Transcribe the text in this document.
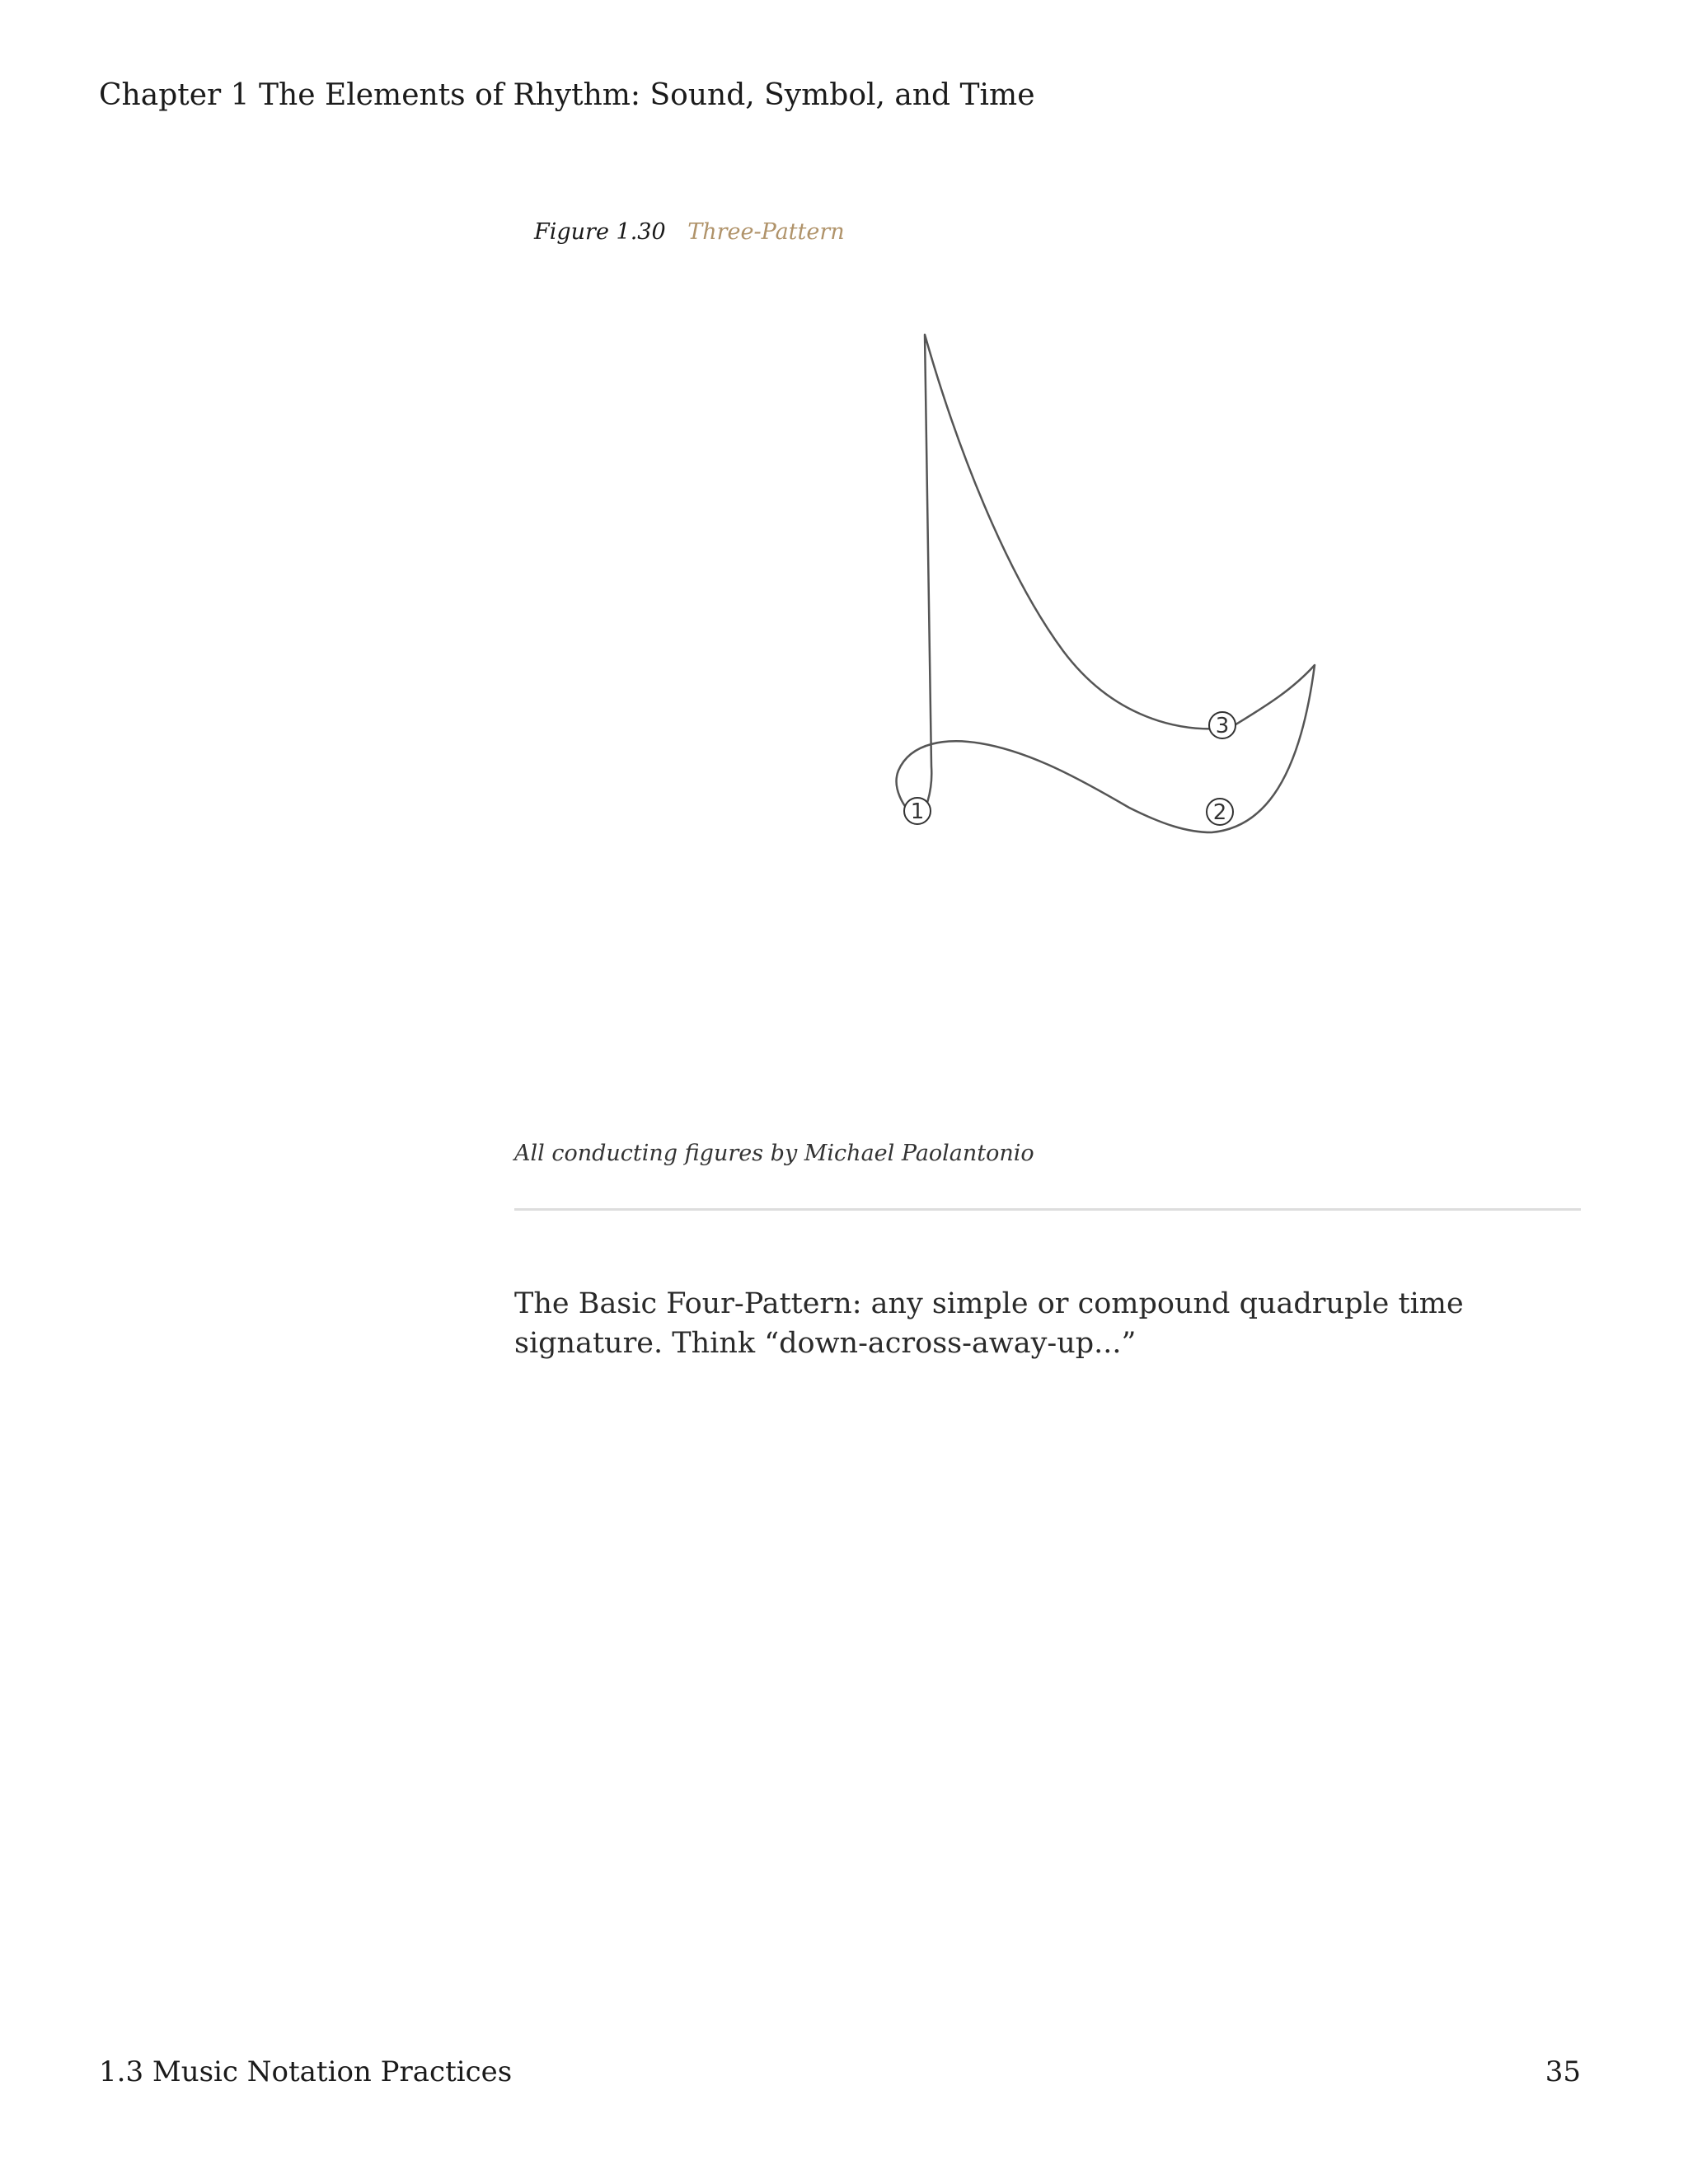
Chapter 1 The Elements of Rhythm: Sound, Symbol, and Time
Figure 1.30 Three-Pattern
1	2
3
All conducting figures by Michael Paolantonio
The Basic Four-Pattern: any simple or compound quadruple time signature. Think “down-across-away-up...”
1.3 Music Notation Practices	35
